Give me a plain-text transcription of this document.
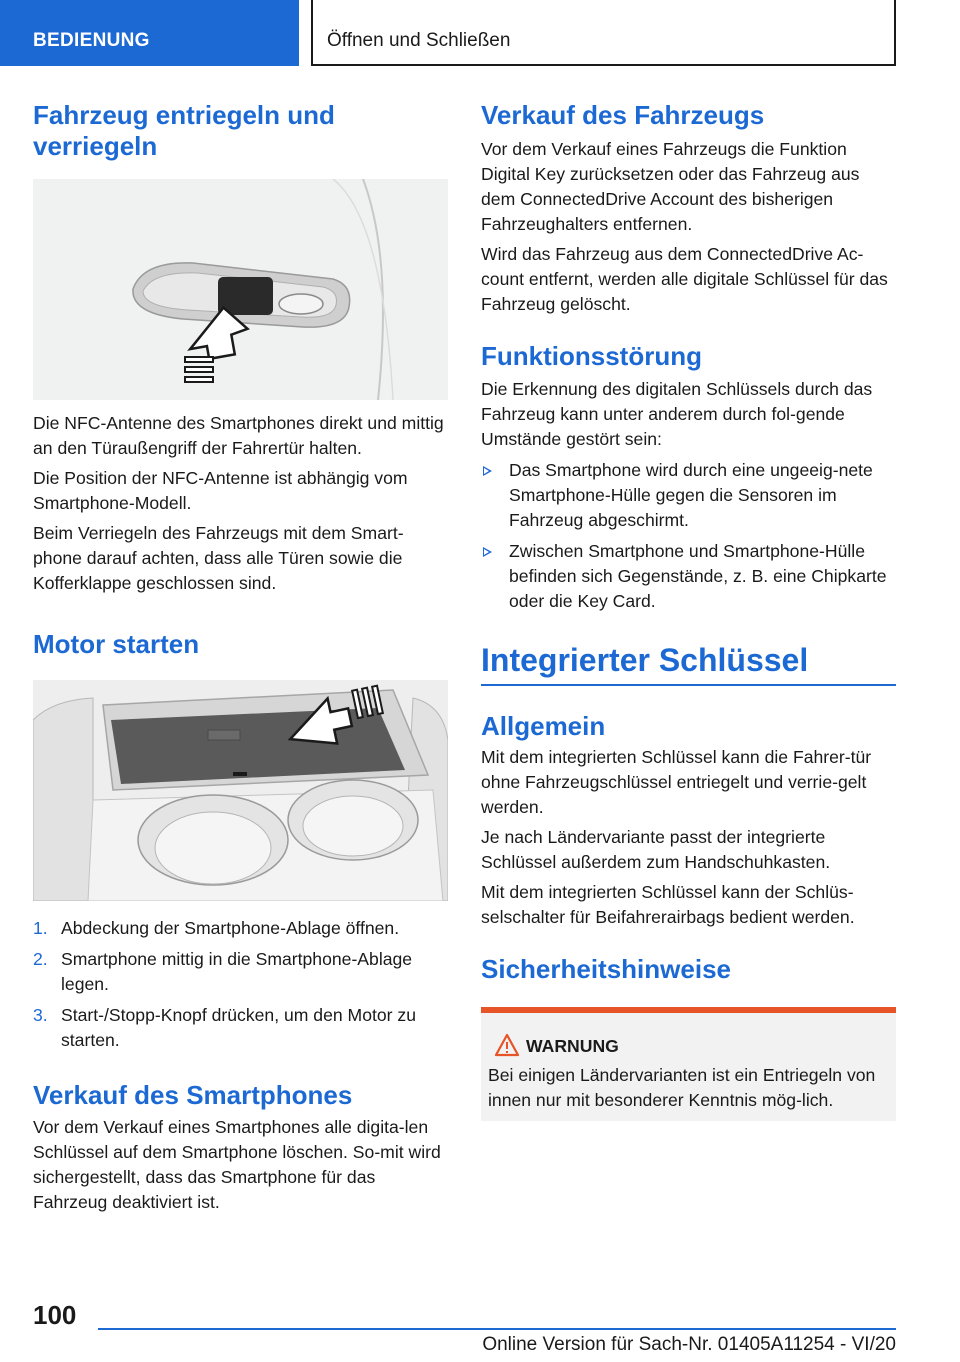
BEDIENUNG	Öffnen und Schließen
Fahrzeug entriegeln und verriegeln

Die NFC-Antenne des Smartphones direkt und mittig an den Türaußengriff der Fahrertür halten.

Die Position der NFC-Antenne ist abhängig vom Smartphone-Modell.

Beim Verriegeln des Fahrzeugs mit dem Smart-phone darauf achten, dass alle Türen sowie die Kofferklappe geschlossen sind.

Motor starten
1. Abdeckung der Smartphone-Ablage öffnen.
2. Smartphone mittig in die Smartphone-Ablage legen.
3. Start-/Stopp-Knopf drücken, um den Motor zu starten.
Verkauf des Smartphones

Vor dem Verkauf eines Smartphones alle digita-len Schlüssel auf dem Smartphone löschen. So-mit wird sichergestellt, dass das Smartphone für das Fahrzeug deaktiviert ist.

Verkauf des Fahrzeugs

Vor dem Verkauf eines Fahrzeugs die Funktion Digital Key zurücksetzen oder das Fahrzeug aus dem ConnectedDrive Account des bisherigen Fahrzeughalters entfernen.

Wird das Fahrzeug aus dem ConnectedDrive Ac-count entfernt, werden alle digitale Schlüssel für das Fahrzeug gelöscht.

Funktionsstörung

Die Erkennung des digitalen Schlüssels durch das Fahrzeug kann unter anderem durch fol-gende Umstände gestört sein:

Das Smartphone wird durch eine ungeeig-nete Smartphone-Hülle gegen die Sensoren im Fahrzeug abgeschirmt.
Zwischen Smartphone und Smartphone-Hülle befinden sich Gegenstände, z. B. eine Chipkarte oder die Key Card.
Integrierter Schlüssel
Allgemein

Mit dem integrierten Schlüssel kann die Fahrer-tür ohne Fahrzeugschlüssel entriegelt und verrie-gelt werden.

Je nach Ländervariante passt der integrierte Schlüssel außerdem zum Handschuhkasten.

Mit dem integrierten Schlüssel kann der Schlüs-selschalter für Beifahrerairbags bedient werden.

Sicherheitshinweise
WARNUNG

Bei einigen Ländervarianten ist ein Entriegeln von innen nur mit besonderer Kenntnis mög-lich.

100
Online Version für Sach-Nr. 01405A11254 - VI/20
